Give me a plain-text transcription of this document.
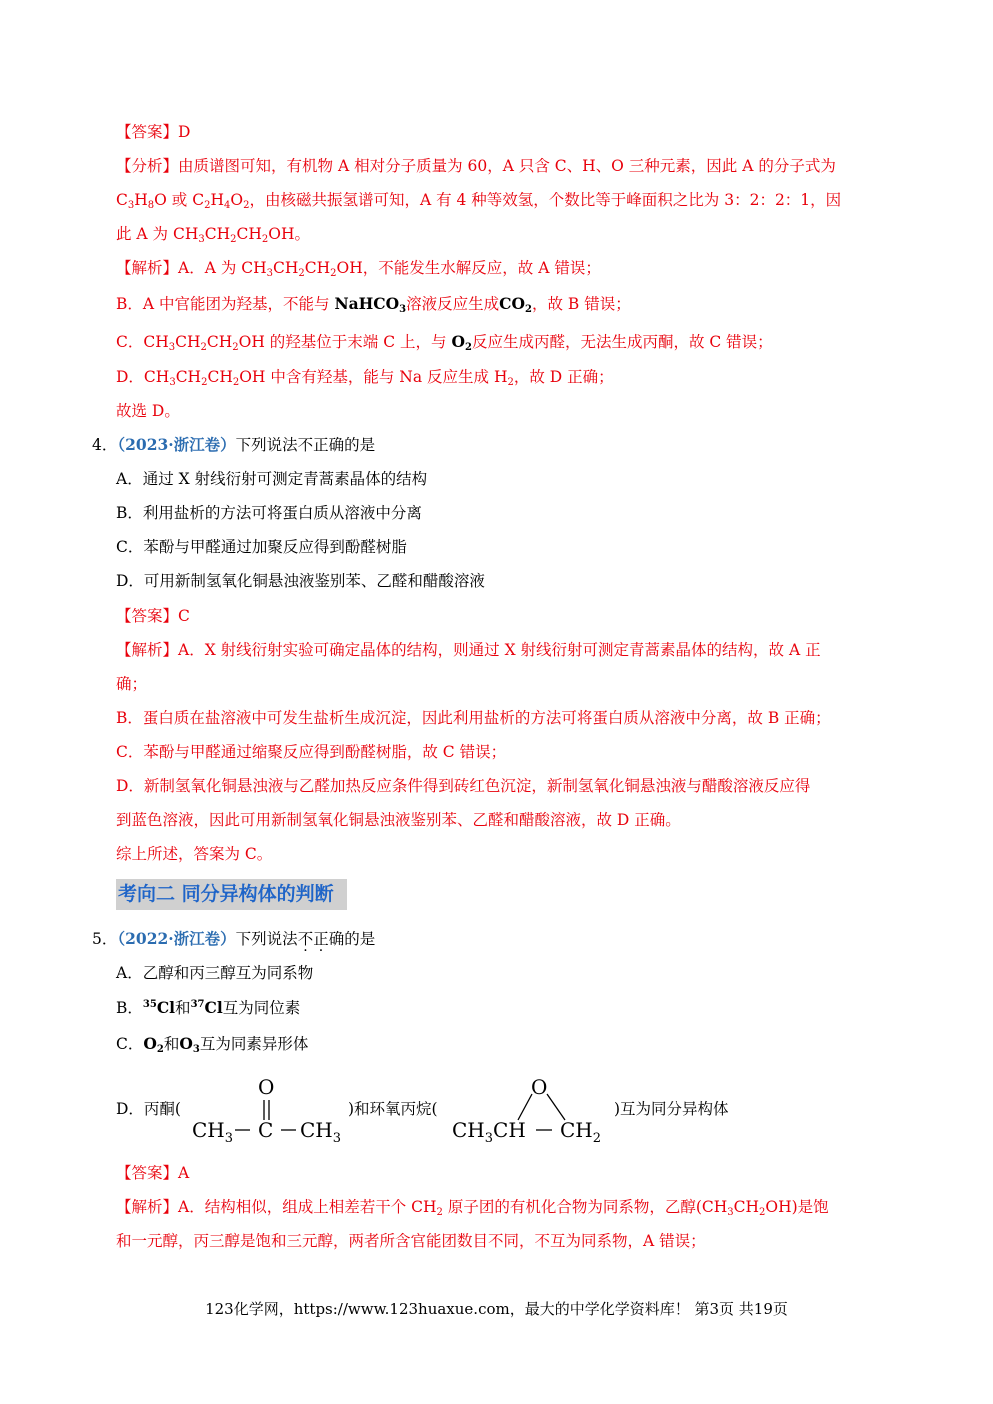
【答案】D
【分析】由质谱图可知，有机物 A 相对分子质量为 60，A 只含 C、H、O 三种元素，因此 A 的分子式为
$C_3H_8O$ 或 $C_2H_4O_2$，由核磁共振氢谱可知，A 有 4 种等效氢，个数比等于峰面积之比为 3：2：2：1，因
此 A 为 $CH_3CH_2CH_2OH$。
【解析】A．A 为 $CH_3CH_2CH_2OH$，不能发生水解反应，故 A 错误；
B．A 中官能团为羟基，不能与 NaHCO$_3$溶液反应生成$CO_2$，故 B 错误；
C．$CH_3CH_2CH_2OH$ 的羟基位于末端 C 上，与 $O_2$反应生成丙醛，无法生成丙酮，故 C 错误；
D．$CH_3CH_2CH_2OH$ 中含有羟基，能与 Na 反应生成 $H_2$，故 D 正确；
故选 D。
4．（2023·浙江卷）下列说法不正确的是
A．通过 X 射线衍射可测定青蒿素晶体的结构
B．利用盐析的方法可将蛋白质从溶液中分离
C．苯酚与甲醛通过加聚反应得到酚醛树脂
D．可用新制氢氧化铜悬浊液鉴别苯、乙醛和醋酸溶液
【答案】C
【解析】A．X 射线衍射实验可确定晶体的结构，则通过 X 射线衍射可测定青蒿素晶体的结构，故 A 正
确；
B．蛋白质在盐溶液中可发生盐析生成沉淀，因此利用盐析的方法可将蛋白质从溶液中分离，故 B 正确；
C．苯酚与甲醛通过缩聚反应得到酚醛树脂，故 C 错误；
D．新制氢氧化铜悬浊液与乙醛加热反应条件得到砖红色沉淀，新制氢氧化铜悬浊液与醋酸溶液反应得
到蓝色溶液，因此可用新制氢氧化铜悬浊液鉴别苯、乙醛和醋酸溶液，故 D 正确。
综上所述，答案为 C。
考向二 同分异构体的判断
5．（2022·浙江卷）下列说法不正确的是
A．乙醇和丙三醇互为同系物
B．$^{35}$Cl和$^{37}$Cl互为同位素
C．$O_2$和$O_3$互为同素异形体
D．丙酮(
O
$CH_3$ C $CH_3$
)和环氧丙烷(
O
$CH_3CH$ $CH_2$
)互为同分异构体
【答案】A
【解析】A．结构相似，组成上相差若干个 $CH_2$ 原子团的有机化合物为同系物，乙醇$(CH_3CH_2OH)$是饱
和一元醇，丙三醇是饱和三元醇，两者所含官能团数目不同，不互为同系物，A 错误；
123化学网，https://www.123huaxue.com，最大的中学化学资料库！ 第3页 共19页
